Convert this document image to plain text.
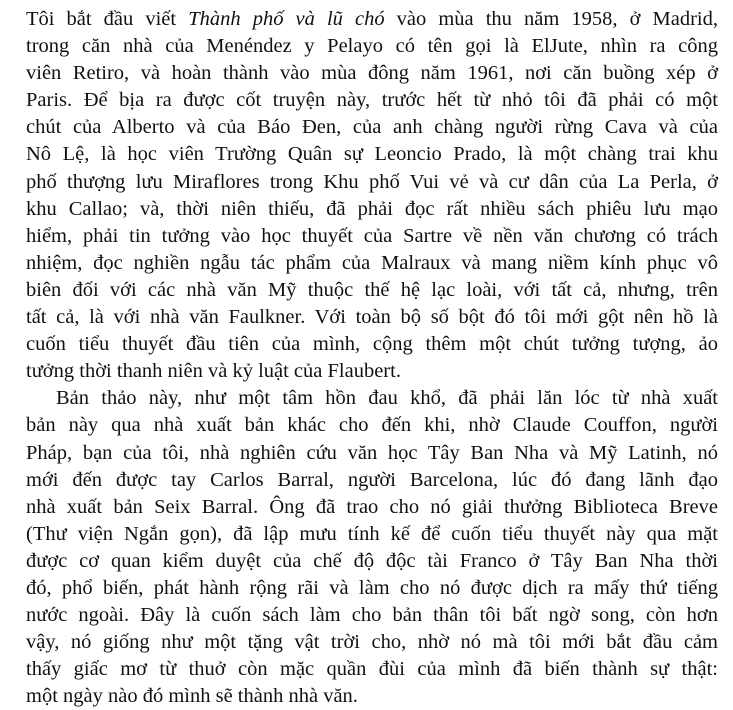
Tôi bắt đầu viết Thành phố và lũ chó vào mùa thu năm 1958, ở Madrid,
trong căn nhà của Menéndez y Pelayo có tên gọi là ElJute, nhìn ra công
viên Retiro, và hoàn thành vào mùa đông năm 1961, nơi căn buồng xép ở
Paris. Để bịa ra được cốt truyện này, trước hết từ nhỏ tôi đã phải có một
chút của Alberto và của Báo Đen, của anh chàng người rừng Cava và của
Nô Lệ, là học viên Trường Quân sự Leoncio Prado, là một chàng trai khu
phố thượng lưu Miraflores trong Khu phố Vui vẻ và cư dân của La Perla, ở
khu Callao; và, thời niên thiếu, đã phải đọc rất nhiều sách phiêu lưu mạo
hiểm, phải tin tưởng vào học thuyết của Sartre về nền văn chương có trách
nhiệm, đọc nghiền ngẫu tác phẩm của Malraux và mang niềm kính phục vô
biên đối với các nhà văn Mỹ thuộc thế hệ lạc loài, với tất cả, nhưng, trên
tất cả, là với nhà văn Faulkner. Với toàn bộ số bột đó tôi mới gột nên hồ là
cuốn tiểu thuyết đầu tiên của mình, cộng thêm một chút tưởng tượng, ảo
tưởng thời thanh niên và kỷ luật của Flaubert.

Bản thảo này, như một tâm hồn đau khổ, đã phải lăn lóc từ nhà xuất
bản này qua nhà xuất bản khác cho đến khi, nhờ Claude Couffon, người
Pháp, bạn của tôi, nhà nghiên cứu văn học Tây Ban Nha và Mỹ Latinh, nó
mới đến được tay Carlos Barral, người Barcelona, lúc đó đang lãnh đạo
nhà xuất bản Seix Barral. Ông đã trao cho nó giải thưởng Biblioteca Breve
(Thư viện Ngắn gọn), đã lập mưu tính kế để cuốn tiểu thuyết này qua mặt
được cơ quan kiểm duyệt của chế độ độc tài Franco ở Tây Ban Nha thời
đó, phổ biến, phát hành rộng rãi và làm cho nó được dịch ra mấy thứ tiếng
nước ngoài. Đây là cuốn sách làm cho bản thân tôi bất ngờ song, còn hơn
vậy, nó giống như một tặng vật trời cho, nhờ nó mà tôi mới bắt đầu cảm
thấy giấc mơ từ thuở còn mặc quần đùi của mình đã biến thành sự thật:
một ngày nào đó mình sẽ thành nhà văn.
